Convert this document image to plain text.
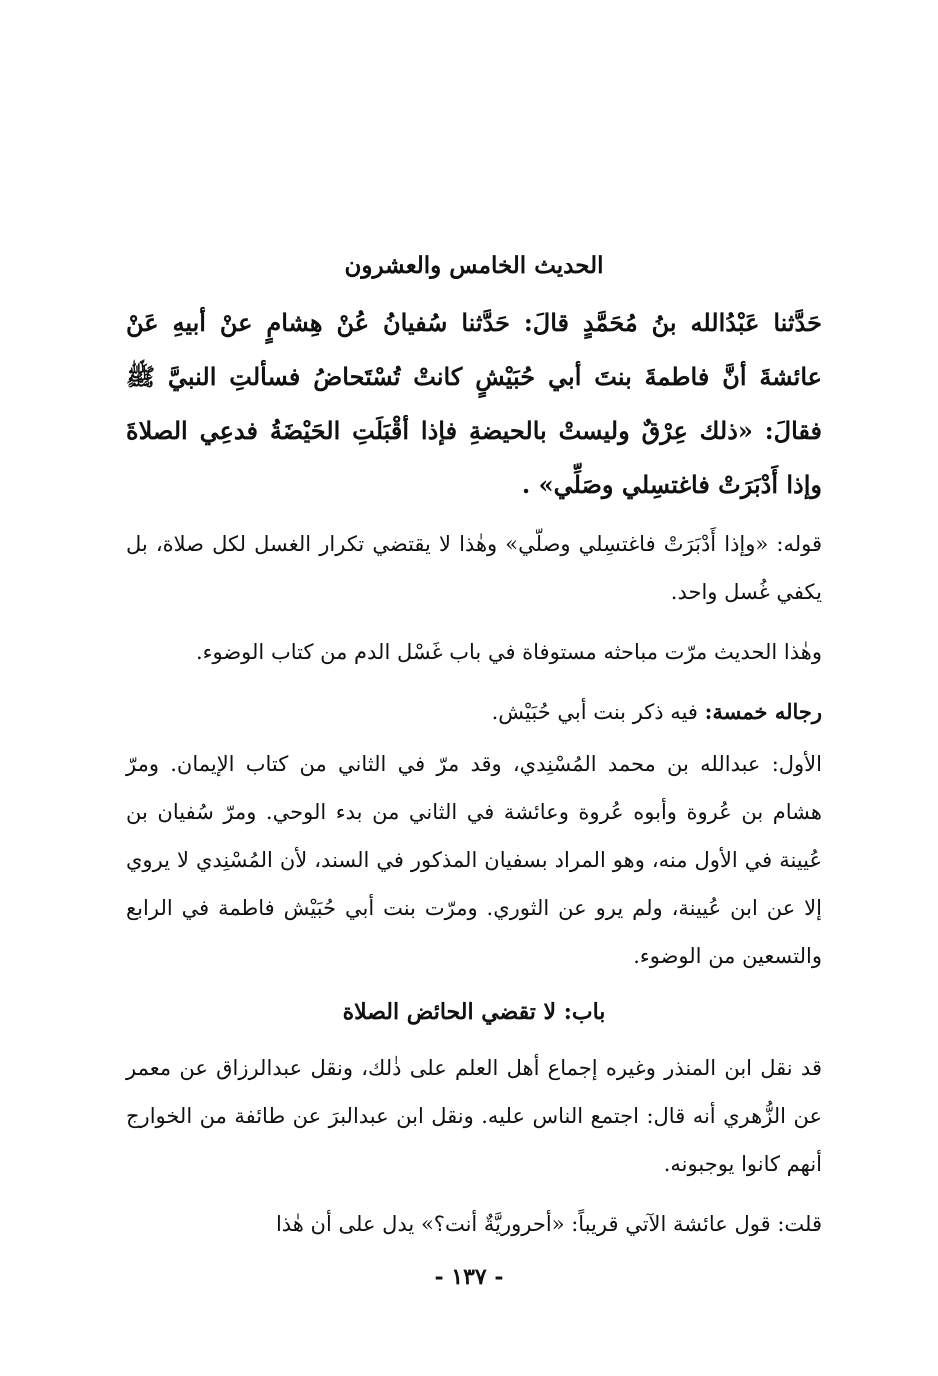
الحديث الخامس والعشرون

حَدَّثنا عَبْدُالله بنُ مُحَمَّدٍ قالَ: حَدَّثنا سُفيانُ عُنْ هِشامٍ عنْ أبيهِ عَنْ عائشةَ أنَّ فاطمةَ بنتَ أبي حُبَيْشٍ كانتْ تُسْتَحاضُ فسألتِ النبيَّ ﷺ فقالَ: «ذلك عِرْقٌ وليستْ بالحيضةِ فإذا أقْبَلَتِ الحَيْضَةُ فدعِي الصلاةَ وإذا أَدْبَرَتْ فاغتسِلي وصَلِّي» .

قوله: «وإذا أَدْبَرَتْ فاغتسِلي وصلّي» وهٰذا لا يقتضي تكرار الغسل لكل صلاة، بل يكفي غُسل واحد.

وهٰذا الحديث مرّت مباحثه مستوفاة في باب غَسْل الدم من كتاب الوضوء.

رجاله خمسة: فيه ذكر بنت أبي حُبَيْش.

الأول: عبدالله بن محمد المُسْنِدي، وقد مرّ في الثاني من كتاب الإيمان. ومرّ هشام بن عُروة وأبوه عُروة وعائشة في الثاني من بدء الوحي. ومرّ سُفيان بن عُيينة في الأول منه، وهو المراد بسفيان المذكور في السند، لأن المُسْنِدي لا يروي إلا عن ابن عُيينة، ولم يرو عن الثوري. ومرّت بنت أبي حُبَيْش فاطمة في الرابع والتسعين من الوضوء.

باب: لا تقضي الحائض الصلاة

قد نقل ابن المنذر وغيره إجماع أهل العلم على ذٰلك، ونقل عبدالرزاق عن معمر عن الزُّهري أنه قال: اجتمع الناس عليه. ونقل ابن عبدالبرَ عن طائفة من الخوارج أنهم كانوا يوجبونه.

قلت: قول عائشة الآتي قريباً: «أحروريَّةٌ أنت؟» يدل على أن هٰذا

- ١٣٧ -
